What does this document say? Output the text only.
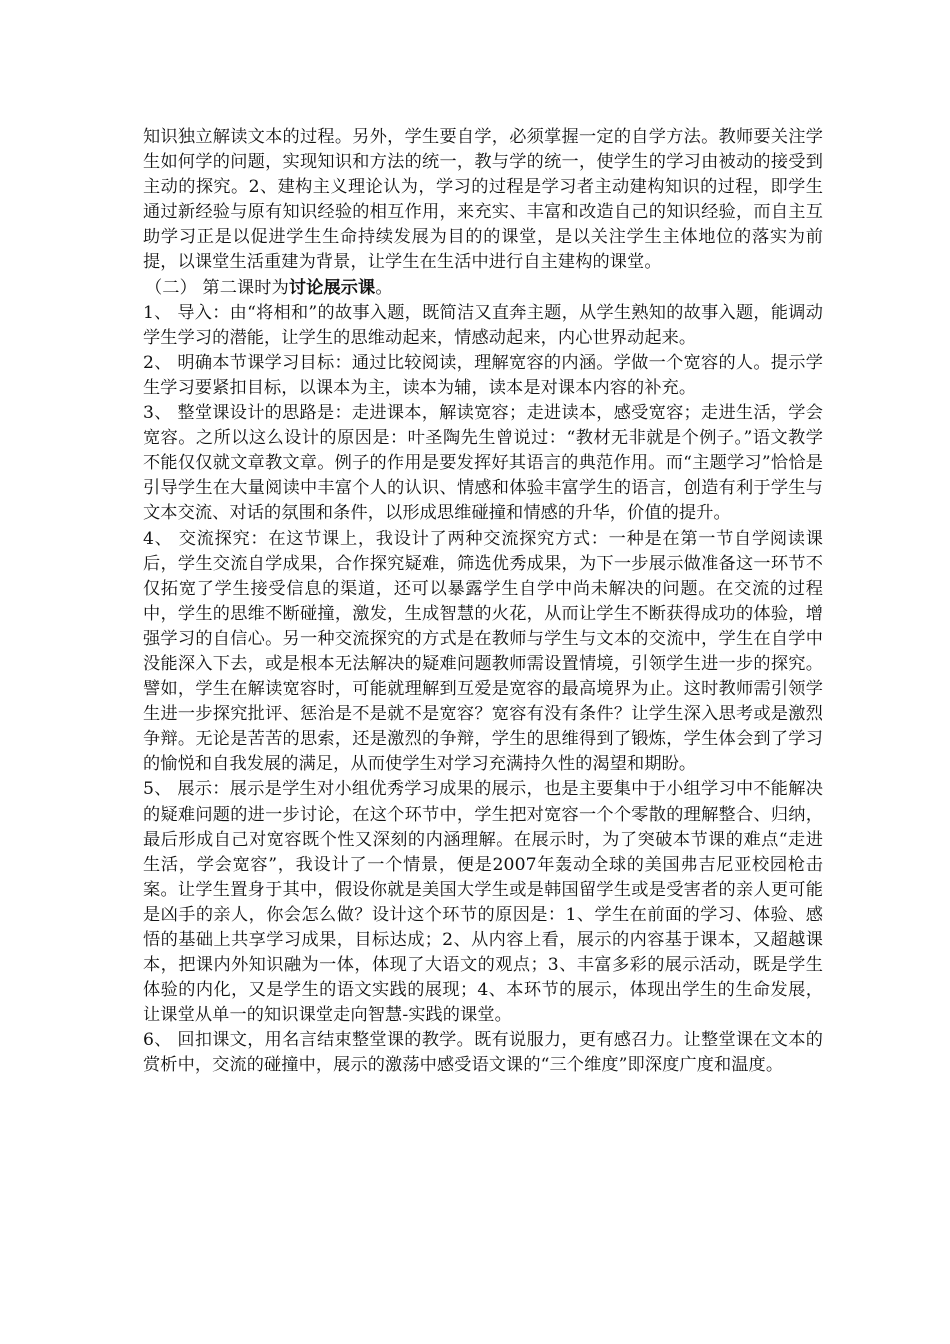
知识独立解读文本的过程。另外，学生要自学，必须掌握一定的自学方法。教师要关注学生如何学的问题，实现知识和方法的统一，教与学的统一，使学生的学习由被动的接受到主动的探究。2、建构主义理论认为，学习的过程是学习者主动建构知识的过程，即学生通过新经验与原有知识经验的相互作用，来充实、丰富和改造自己的知识经验，而自主互助学习正是以促进学生生命持续发展为目的的课堂，是以关注学生主体地位的落实为前提，以课堂生活重建为背景，让学生在生活中进行自主建构的课堂。

（二） 第二课时为讨论展示课。

1、 导入：由“将相和”的故事入题，既简洁又直奔主题，从学生熟知的故事入题，能调动学生学习的潜能，让学生的思维动起来，情感动起来，内心世界动起来。

2、 明确本节课学习目标：通过比较阅读，理解宽容的内涵。学做一个宽容的人。提示学生学习要紧扣目标，以课本为主，读本为辅，读本是对课本内容的补充。

3、 整堂课设计的思路是：走进课本，解读宽容；走进读本，感受宽容；走进生活，学会宽容。之所以这么设计的原因是：叶圣陶先生曾说过：“教材无非就是个例子。”语文教学不能仅仅就文章教文章。例子的作用是要发挥好其语言的典范作用。而“主题学习”恰恰是引导学生在大量阅读中丰富个人的认识、情感和体验丰富学生的语言，创造有利于学生与文本交流、对话的氛围和条件，以形成思维碰撞和情感的升华，价值的提升。

4、 交流探究：在这节课上，我设计了两种交流探究方式：一种是在第一节自学阅读课后，学生交流自学成果，合作探究疑难，筛选优秀成果，为下一步展示做准备这一环节不仅拓宽了学生接受信息的渠道，还可以暴露学生自学中尚未解决的问题。在交流的过程中，学生的思维不断碰撞，激发，生成智慧的火花，从而让学生不断获得成功的体验，增强学习的自信心。另一种交流探究的方式是在教师与学生与文本的交流中，学生在自学中没能深入下去，或是根本无法解决的疑难问题教师需设置情境，引领学生进一步的探究。譬如，学生在解读宽容时，可能就理解到互爱是宽容的最高境界为止。这时教师需引领学生进一步探究批评、惩治是不是就不是宽容？宽容有没有条件？让学生深入思考或是激烈争辩。无论是苦苦的思索，还是激烈的争辩，学生的思维得到了锻炼，学生体会到了学习的愉悦和自我发展的满足，从而使学生对学习充满持久性的渴望和期盼。

5、 展示：展示是学生对小组优秀学习成果的展示，也是主要集中于小组学习中不能解决的疑难问题的进一步讨论，在这个环节中，学生把对宽容一个个零散的理解整合、归纳，最后形成自己对宽容既个性又深刻的内涵理解。在展示时，为了突破本节课的难点“走进生活，学会宽容”，我设计了一个情景，便是2007年轰动全球的美国弗吉尼亚校园枪击案。让学生置身于其中，假设你就是美国大学生或是韩国留学生或是受害者的亲人更可能是凶手的亲人，你会怎么做？设计这个环节的原因是：1、学生在前面的学习、体验、感悟的基础上共享学习成果，目标达成；2、从内容上看，展示的内容基于课本，又超越课本，把课内外知识融为一体，体现了大语文的观点；3、丰富多彩的展示活动，既是学生体验的内化，又是学生的语文实践的展现；4、本环节的展示，体现出学生的生命发展，让课堂从单一的知识课堂走向智慧-实践的课堂。

6、 回扣课文，用名言结束整堂课的教学。既有说服力，更有感召力。让整堂课在文本的赏析中，交流的碰撞中，展示的激荡中感受语文课的“三个维度”即深度广度和温度。
